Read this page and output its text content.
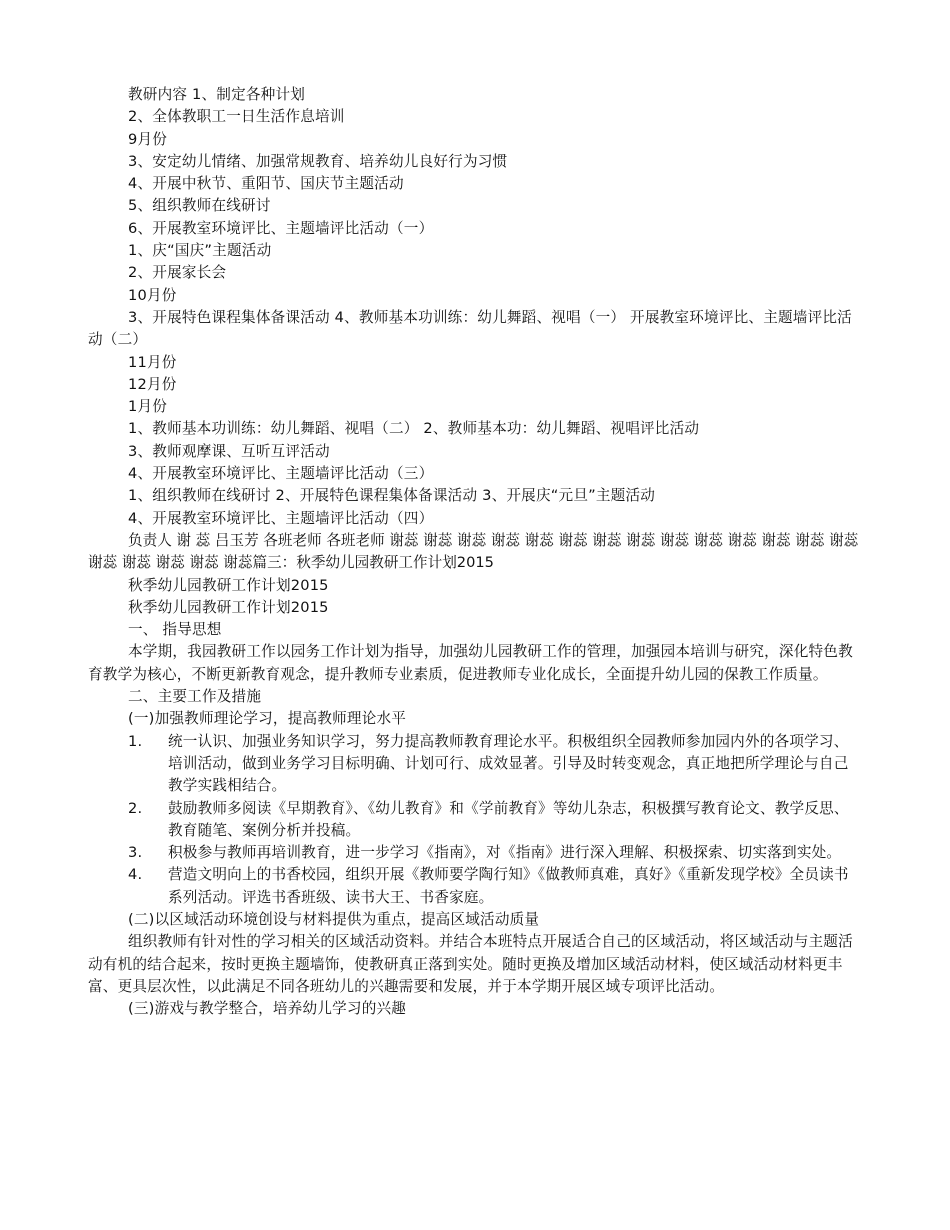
教研内容 1、制定各种计划

2、全体教职工一日生活作息培训

9月份

3、安定幼儿情绪、加强常规教育、培养幼儿良好行为习惯

4、开展中秋节、重阳节、国庆节主题活动

5、组织教师在线研讨

6、开展教室环境评比、主题墙评比活动（一）

1、庆“国庆”主题活动

2、开展家长会

10月份

3、开展特色课程集体备课活动 4、教师基本功训练：幼儿舞蹈、视唱（一） 开展教室环境评比、主题墙评比活动（二）

11月份

12月份

1月份

1、教师基本功训练：幼儿舞蹈、视唱（二） 2、教师基本功：幼儿舞蹈、视唱评比活动

3、教师观摩课、互听互评活动

4、开展教室环境评比、主题墙评比活动（三）

1、组织教师在线研讨 2、开展特色课程集体备课活动 3、开展庆“元旦”主题活动

4、开展教室环境评比、主题墙评比活动（四）

负责人 谢 蕊 吕玉芳 各班老师 各班老师 谢蕊 谢蕊 谢蕊 谢蕊 谢蕊 谢蕊 谢蕊 谢蕊 谢蕊 谢蕊 谢蕊 谢蕊 谢蕊 谢蕊 谢蕊 谢蕊 谢蕊 谢蕊 谢蕊篇三：秋季幼儿园教研工作计划2015

秋季幼儿园教研工作计划2015

秋季幼儿园教研工作计划2015

一、 指导思想

本学期，我园教研工作以园务工作计划为指导，加强幼儿园教研工作的管理，加强园本培训与研究，深化特色教育教学为核心，不断更新教育观念，提升教师专业素质，促进教师专业化成长，全面提升幼儿园的保教工作质量。

二、主要工作及措施

(一)加强教师理论学习，提高教师理论水平

1.	统一认识、加强业务知识学习，努力提高教师教育理论水平。积极组织全园教师参加园内外的各项学习、培训活动，做到业务学习目标明确、计划可行、成效显著。引导及时转变观念，真正地把所学理论与自己教学实践相结合。
2.	鼓励教师多阅读《早期教育》、《幼儿教育》和《学前教育》等幼儿杂志，积极撰写教育论文、教学反思、教育随笔、案例分析并投稿。
3.	积极参与教师再培训教育，进一步学习《指南》，对《指南》进行深入理解、积极探索、切实落到实处。
4.	营造文明向上的书香校园，组织开展《教师要学陶行知》《做教师真难，真好》《重新发现学校》全员读书系列活动。评选书香班级、读书大王、书香家庭。

(二)以区域活动环境创设与材料提供为重点，提高区域活动质量

组织教师有针对性的学习相关的区域活动资料。并结合本班特点开展适合自己的区域活动，将区域活动与主题活动有机的结合起来，按时更换主题墙饰，使教研真正落到实处。随时更换及增加区域活动材料，使区域活动材料更丰富、更具层次性，以此满足不同各班幼儿的兴趣需要和发展，并于本学期开展区域专项评比活动。

(三)游戏与教学整合，培养幼儿学习的兴趣
